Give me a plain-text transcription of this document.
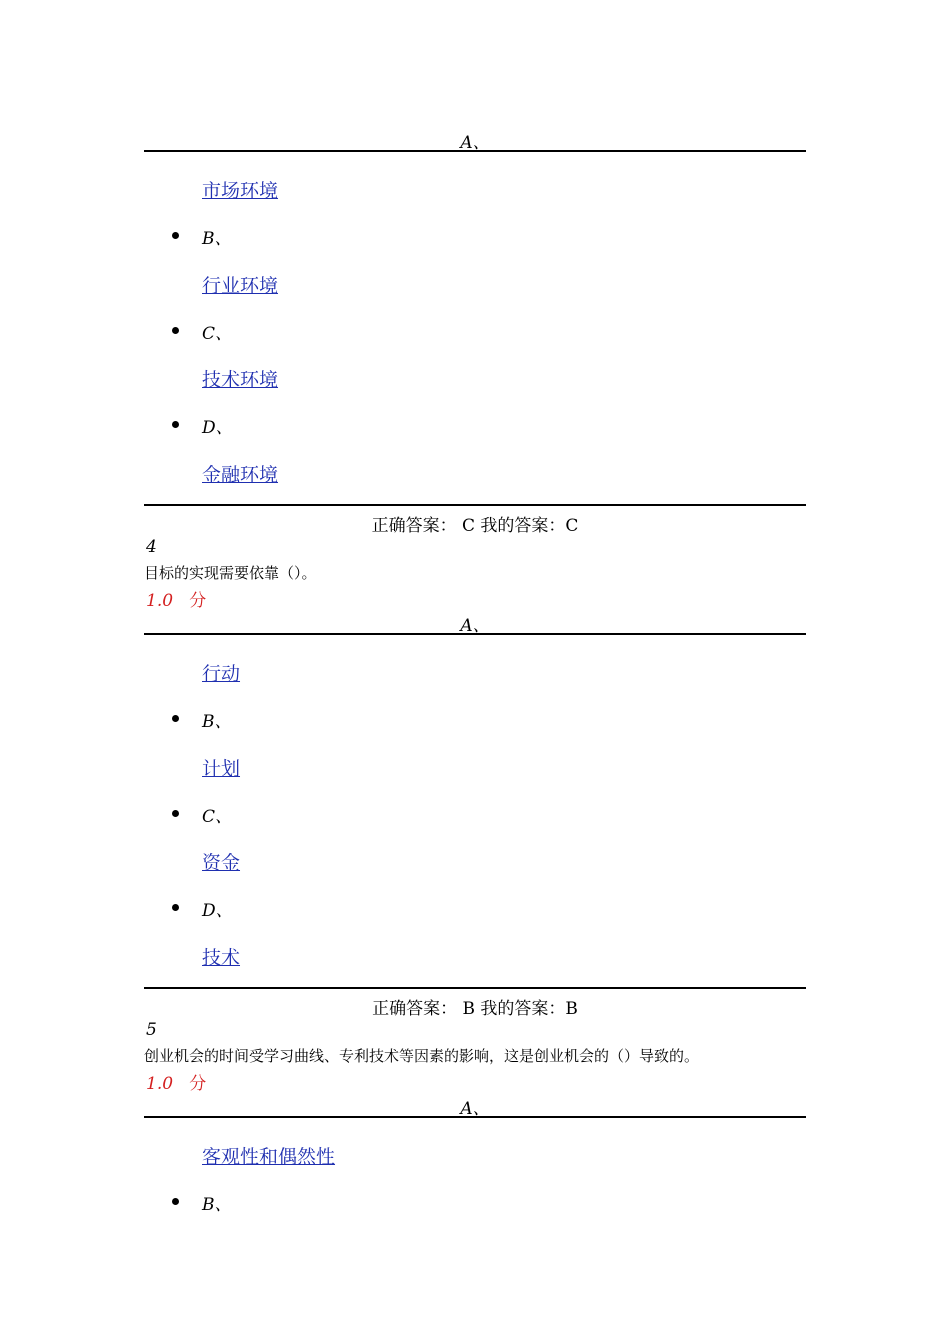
A、
市场环境
B、
行业环境
C、
技术环境
D、
金融环境
正确答案： C 我的答案：C
4
目标的实现需要依靠（）。
1.0 分
A、
行动
B、
计划
C、
资金
D、
技术
正确答案： B 我的答案：B
5
创业机会的时间受学习曲线、专利技术等因素的影响，这是创业机会的（）导致的。
1.0 分
A、
客观性和偶然性
B、
